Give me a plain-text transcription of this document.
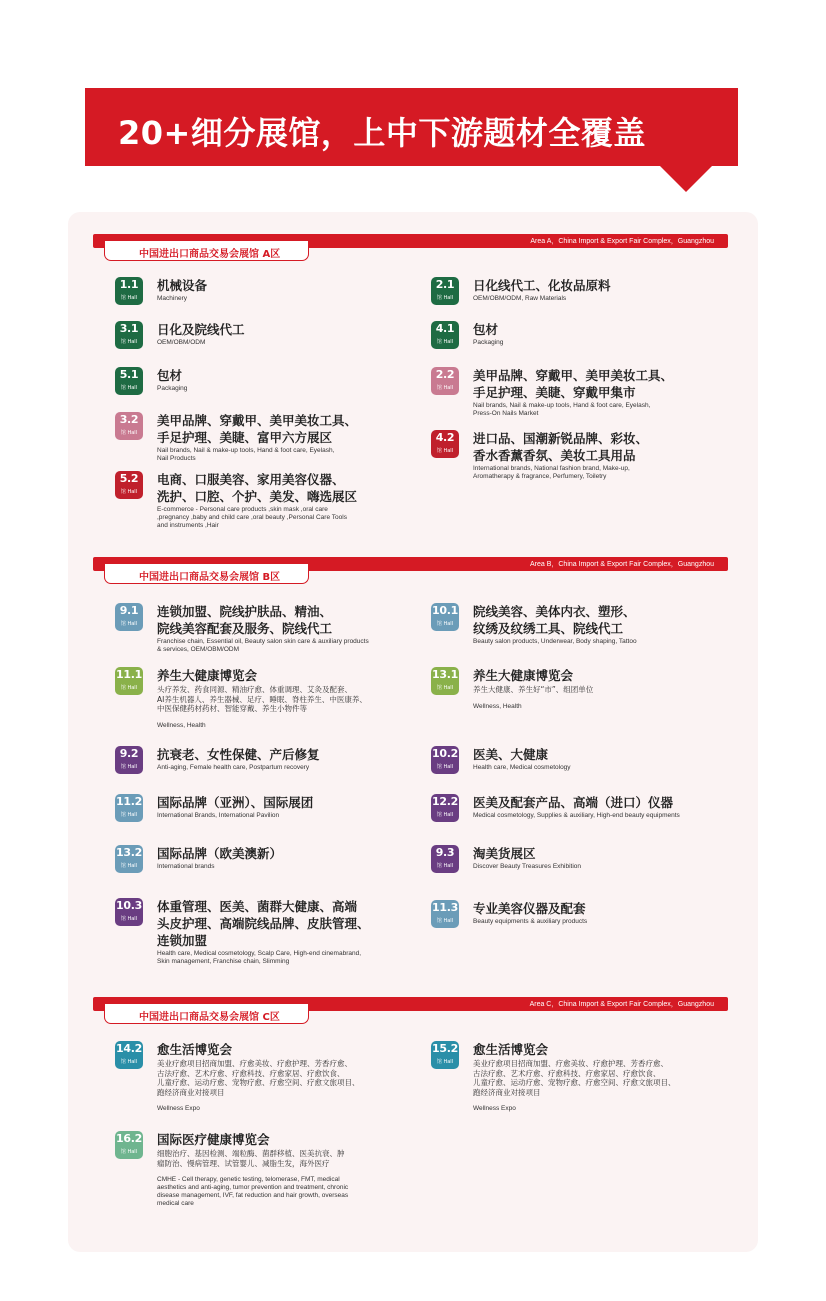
20+细分展馆，上中下游题材全覆盖
Area A，China Import & Export Fair Complex，Guangzhou
中国进出口商品交易会展馆 A区
Area B，China Import & Export Fair Complex，Guangzhou
中国进出口商品交易会展馆 B区
Area C，China Import & Export Fair Complex，Guangzhou
中国进出口商品交易会展馆 C区
1.1
馆 Hall
机械设备
Machinery
2.1
馆 Hall
日化线代工、化妆品原料
OEM/OBM/ODM, Raw Materials
3.1
馆 Hall
日化及院线代工
OEM/OBM/ODM
4.1
馆 Hall
包材
Packaging
5.1
馆 Hall
包材
Packaging
2.2
馆 Hall
美甲品牌、穿戴甲、美甲美妆工具、
手足护理、美睫、穿戴甲集市
Nail brands, Nail & make-up tools, Hand & foot care, Eyelash,
Press-On Nails Market
3.2
馆 Hall
美甲品牌、穿戴甲、美甲美妆工具、
手足护理、美睫、富甲六方展区
Nail brands, Nail & make-up tools, Hand & foot care, Eyelash,
Nail Products
4.2
馆 Hall
进口品、国潮新锐品牌、彩妆、
香水香薰香氛、美妆工具用品
International brands, National fashion brand, Make-up,
Aromatherapy & fragrance, Perfumery, Toiletry
5.2
馆 Hall
电商、口服美容、家用美容仪器、
洗护、口腔、个护、美发、嗨选展区
E-commerce - Personal care products ,skin mask ,oral care
,pregnancy ,baby and child care ,oral beauty ,Personal Care Tools
and instruments ,Hair
9.1
馆 Hall
连锁加盟、院线护肤品、精油、
院线美容配套及服务、院线代工
Franchise chain, Essential oil, Beauty salon skin care & auxiliary products
& services, OEM/OBM/ODM
10.1
馆 Hall
院线美容、美体内衣、塑形、
纹绣及纹绣工具、院线代工
Beauty salon products, Underwear, Body shaping, Tattoo
11.1
馆 Hall
养生大健康博览会
头疗养发、药食同源、精油疗愈、体重调理、艾灸及配套、
AI养生机器人、养生器械、足疗、睡眠、脊柱养生、中医康养、
中医保健药材药材、智能穿戴、养生小物件等
Wellness, Health
13.1
馆 Hall
养生大健康博览会
养生大健康、养生好“市”、组团单位
Wellness, Health
9.2
馆 Hall
抗衰老、女性保健、产后修复
Anti-aging, Female health care, Postpartum recovery
10.2
馆 Hall
医美、大健康
Health care, Medical cosmetology
11.2
馆 Hall
国际品牌（亚洲）、国际展团
International Brands, International Pavilion
12.2
馆 Hall
医美及配套产品、高端（进口）仪器
Medical cosmetology, Supplies & auxiliary, High-end beauty equipments
13.2
馆 Hall
国际品牌（欧美澳新）
International brands
9.3
馆 Hall
淘美货展区
Discover Beauty Treasures Exhibition
10.3
馆 Hall
体重管理、医美、菌群大健康、高端
头皮护理、高端院线品牌、皮肤管理、
连锁加盟
Health care, Medical cosmetology, Scalp Care, High-end cinemabrand,
Skin management, Franchise chain, Slimming
11.3
馆 Hall
专业美容仪器及配套
Beauty equipments & auxiliary products
14.2
馆 Hall
愈生活博览会
美业疗愈项目招商加盟、疗愈美妆、疗愈护理、芳香疗愈、
古法疗愈、艺术疗愈、疗愈科技、疗愈家居、疗愈饮食、
儿童疗愈、运动疗愈、宠物疗愈、疗愈空间、疗愈文旅项目、
跑经济商业对接项目
Wellness Expo
15.2
馆 Hall
愈生活博览会
美业疗愈项目招商加盟、疗愈美妆、疗愈护理、芳香疗愈、
古法疗愈、艺术疗愈、疗愈科技、疗愈家居、疗愈饮食、
儿童疗愈、运动疗愈、宠物疗愈、疗愈空间、疗愈文旅项目、
跑经济商业对接项目
Wellness Expo
16.2
馆 Hall
国际医疗健康博览会
细胞治疗、基因检测、端粒酶、菌群移植、医美抗衰、肿
瘤防治、慢病管理、试管婴儿、减脂生发，海外医疗
CMHE - Cell therapy, genetic testing, telomerase, FMT, medical
aesthetics and anti-aging, tumor prevention and treatment, chronic
disease management, IVF, fat reduction and hair growth, overseas
medical care
